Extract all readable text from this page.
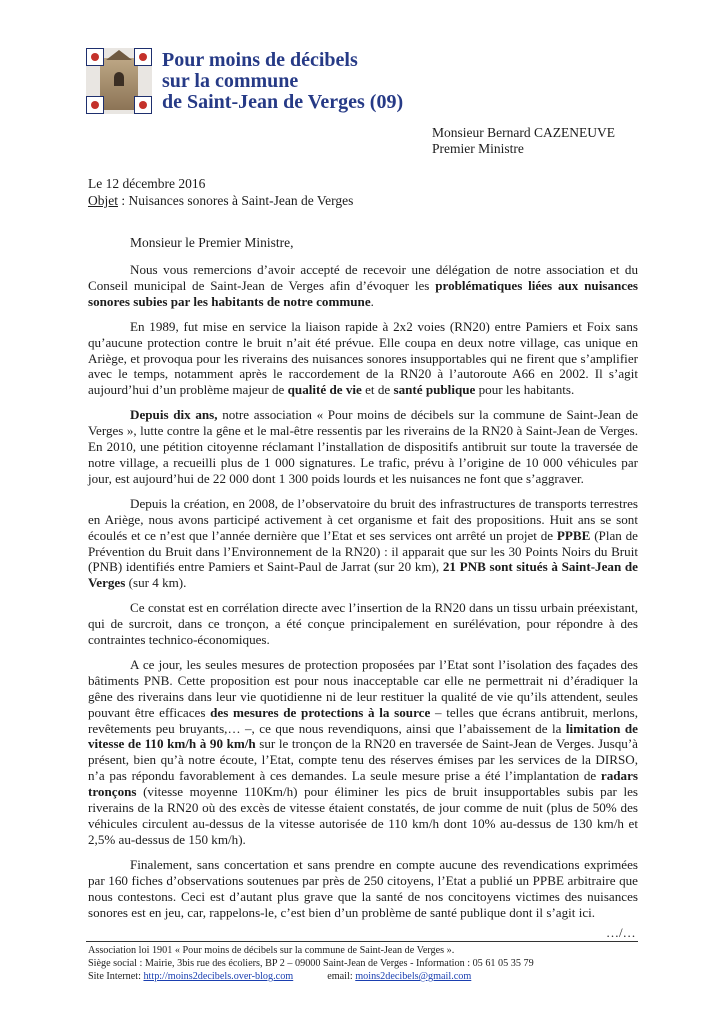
Pour moins de décibels
sur la commune
de Saint-Jean de Verges (09)
Monsieur Bernard CAZENEUVE
Premier Ministre
Le 12 décembre 2016
Objet : Nuisances sonores à Saint-Jean de Verges
Monsieur le Premier Ministre,

Nous vous remercions d’avoir accepté de recevoir une délégation de notre association et du Conseil municipal de Saint-Jean de Verges afin d’évoquer les problématiques liées aux nuisances sonores subies par les habitants de notre commune.

En 1989, fut mise en service la liaison rapide à 2x2 voies (RN20) entre Pamiers et Foix sans qu’aucune protection contre le bruit n’ait été prévue. Elle coupa en deux notre village, cas unique en Ariège, et provoqua pour les riverains des nuisances sonores insupportables qui ne firent que s’amplifier avec le temps, notamment après le raccordement de la RN20 à l’autoroute A66 en 2002. Il s’agit aujourd’hui d’un problème majeur de qualité de vie et de santé publique pour les habitants.

Depuis dix ans, notre association « Pour moins de décibels sur la commune de Saint-Jean de Verges », lutte contre la gêne et le mal-être ressentis par les riverains de la RN20 à Saint-Jean de Verges. En 2010, une pétition citoyenne réclamant l’installation de dispositifs antibruit sur toute la traversée de notre village, a recueilli plus de 1 000 signatures. Le trafic, prévu à l’origine de 10 000 véhicules par jour, est aujourd’hui de 22 000 dont 1 300 poids lourds et les nuisances ne font que s’aggraver.

Depuis la création, en 2008, de l’observatoire du bruit des infrastructures de transports terrestres en Ariège, nous avons participé activement à cet organisme et fait des propositions. Huit ans se sont écoulés et ce n’est que l’année dernière que l’Etat et ses services ont arrêté un projet de PPBE (Plan de Prévention du Bruit dans l’Environnement de la RN20) : il apparait que sur les 30 Points Noirs du Bruit (PNB) identifiés entre Pamiers et Saint-Paul de Jarrat (sur 20 km), 21 PNB sont situés à Saint-Jean de Verges (sur 4 km).

Ce constat est en corrélation directe avec l’insertion de la RN20 dans un tissu urbain préexistant, qui de surcroit, dans ce tronçon, a été conçue principalement en surélévation, pour répondre à des contraintes technico-économiques.

A ce jour, les seules mesures de protection proposées par l’Etat sont l’isolation des façades des bâtiments PNB. Cette proposition est pour nous inacceptable car elle ne permettrait ni d’éradiquer la gêne des riverains dans leur vie quotidienne ni de leur restituer la qualité de vie qu’ils attendent, seules pouvant être efficaces des mesures de protections à la source – telles que écrans antibruit, merlons, revêtements peu bruyants,… –, ce que nous revendiquons, ainsi que l’abaissement de la limitation de vitesse de 110 km/h à 90 km/h sur le tronçon de la RN20 en traversée de Saint-Jean de Verges. Jusqu’à présent, bien qu’à notre écoute, l’Etat, compte tenu des réserves émises par les services de la DIRSO, n’a pas répondu favorablement à ces demandes. La seule mesure prise a été l’implantation de radars tronçons (vitesse moyenne 110Km/h) pour éliminer les pics de bruit insupportables subis par les riverains de la RN20 où des excès de vitesse étaient constatés, de jour comme de nuit (plus de 50% des véhicules circulent au-dessus de la vitesse autorisée de 110 km/h dont 10% au-dessus de 130 km/h et 2,5% au-dessus de 150 km/h).

Finalement, sans concertation et sans prendre en compte aucune des revendications exprimées par 160 fiches d’observations soutenues par près de 250 citoyens, l’Etat a publié un PPBE arbitraire que nous contestons. Ceci est d’autant plus grave que la santé de nos concitoyens victimes des nuisances sonores est en jeu, car, rappelons-le, c’est bien d’un problème de santé publique dont il s’agit ici.

…/…
Association loi 1901 « Pour moins de décibels sur la commune de Saint-Jean de Verges ».
Siège social : Mairie, 3bis rue des écoliers, BP 2 – 09000 Saint-Jean de Verges - Information : 05 61 05 35 79
Site Internet: http://moins2decibels.over-blog.com	email: moins2decibels@gmail.com
